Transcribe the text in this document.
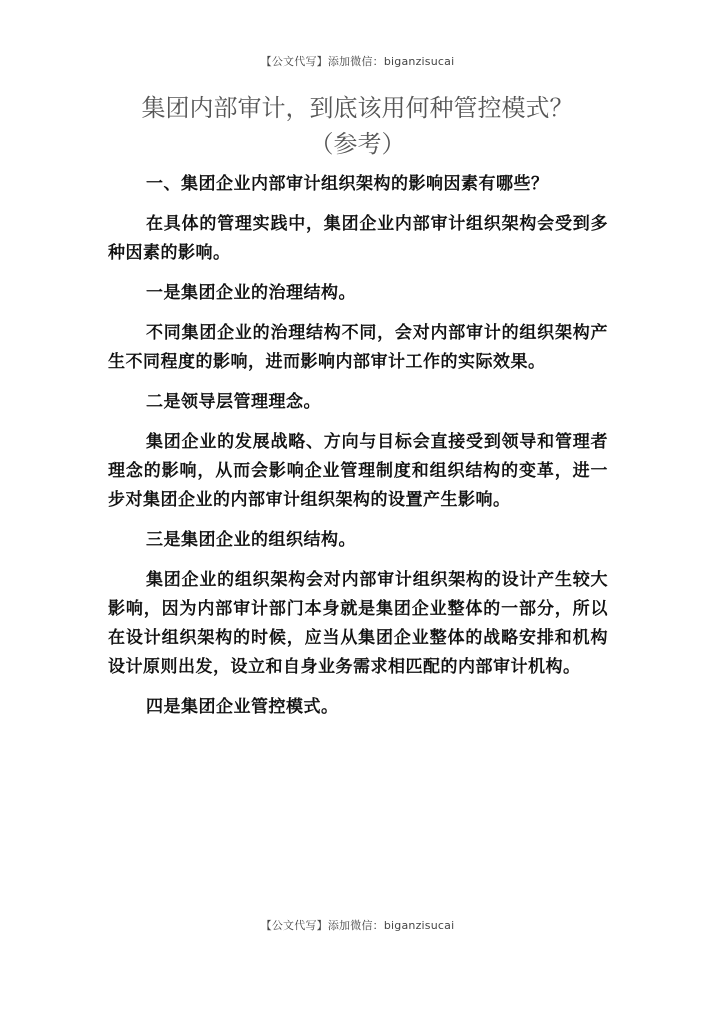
【公文代写】添加微信：biganzisucai
集团内部审计，到底该用何种管控模式？
（参考）

一、集团企业内部审计组织架构的影响因素有哪些？

在具体的管理实践中，集团企业内部审计组织架构会受到多种因素的影响。

一是集团企业的治理结构。

不同集团企业的治理结构不同，会对内部审计的组织架构产生不同程度的影响，进而影响内部审计工作的实际效果。

二是领导层管理理念。

集团企业的发展战略、方向与目标会直接受到领导和管理者理念的影响，从而会影响企业管理制度和组织结构的变革，进一步对集团企业的内部审计组织架构的设置产生影响。

三是集团企业的组织结构。

集团企业的组织架构会对内部审计组织架构的设计产生较大影响，因为内部审计部门本身就是集团企业整体的一部分，所以在设计组织架构的时候，应当从集团企业整体的战略安排和机构设计原则出发，设立和自身业务需求相匹配的内部审计机构。

四是集团企业管控模式。

【公文代写】添加微信：biganzisucai
